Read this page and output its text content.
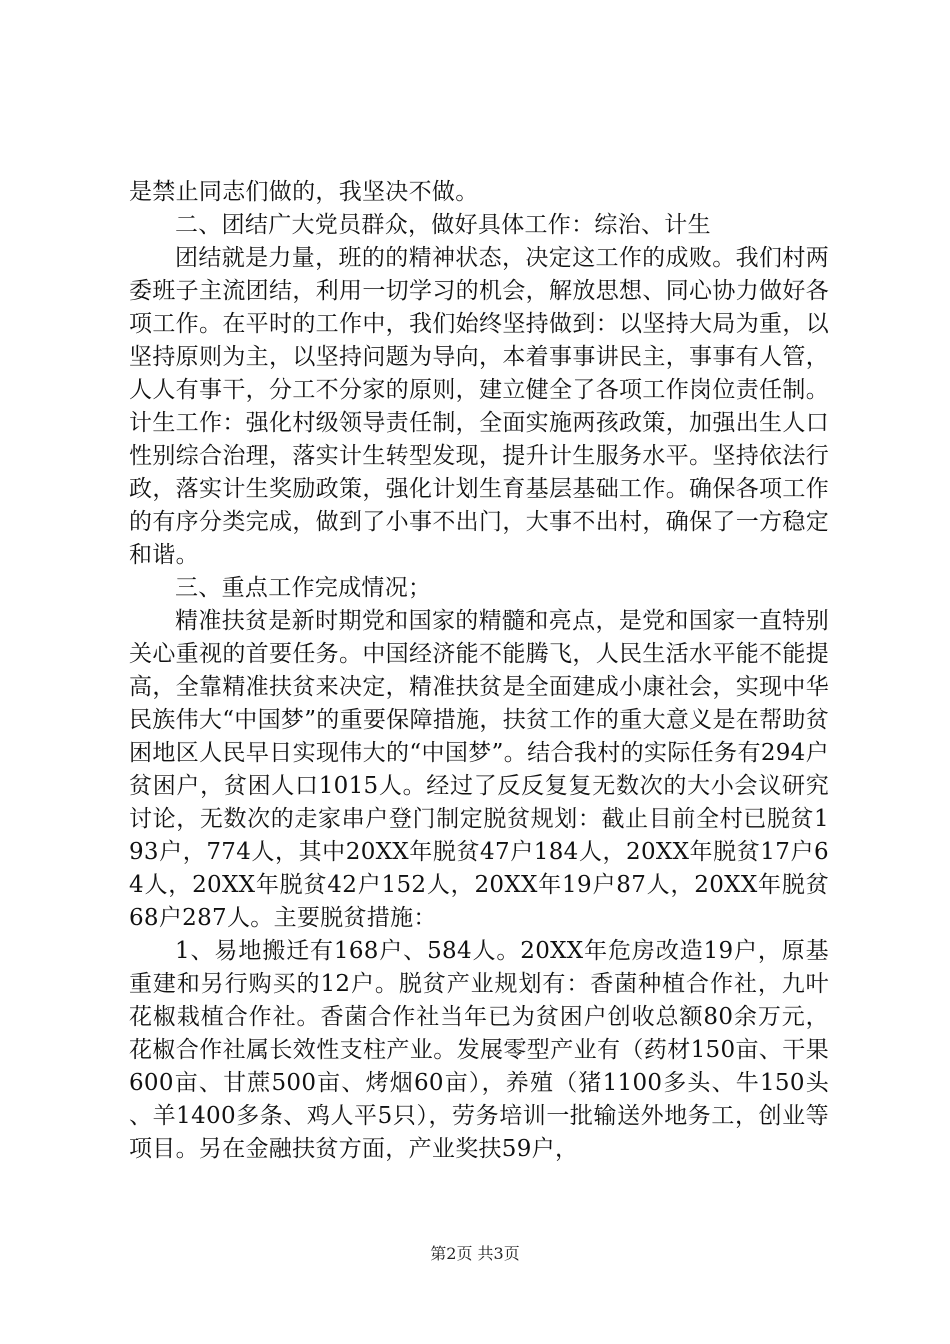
是禁止同志们做的，我坚决不做。

二、团结广大党员群众，做好具体工作：综治、计生

团结就是力量，班的的精神状态，决定这工作的成败。我们村两委班子主流团结，利用一切学习的机会，解放思想、同心协力做好各项工作。在平时的工作中，我们始终坚持做到：以坚持大局为重，以坚持原则为主，以坚持问题为导向，本着事事讲民主，事事有人管，人人有事干，分工不分家的原则，建立健全了各项工作岗位责任制。计生工作：强化村级领导责任制，全面实施两孩政策，加强出生人口性别综合治理，落实计生转型发现，提升计生服务水平。坚持依法行政，落实计生奖励政策，强化计划生育基层基础工作。确保各项工作的有序分类完成，做到了小事不出门，大事不出村，确保了一方稳定和谐。

三、重点工作完成情况；

精准扶贫是新时期党和国家的精髓和亮点，是党和国家一直特别关心重视的首要任务。中国经济能不能腾飞，人民生活水平能不能提高，全靠精准扶贫来决定，精准扶贫是全面建成小康社会，实现中华民族伟大“中国梦”的重要保障措施，扶贫工作的重大意义是在帮助贫困地区人民早日实现伟大的“中国梦”。结合我村的实际任务有294户贫困户，贫困人口1015人。经过了反反复复无数次的大小会议研究讨论，无数次的走家串户登门制定脱贫规划：截止目前全村已脱贫193户，774人，其中20XX年脱贫47户184人，20XX年脱贫17户64人，20XX年脱贫42户152人，20XX年19户87人，20XX年脱贫68户287人。主要脱贫措施：

1、易地搬迁有168户、584人。20XX年危房改造19户，原基重建和另行购买的12户。脱贫产业规划有：香菌种植合作社，九叶花椒栽植合作社。香菌合作社当年已为贫困户创收总额80余万元，花椒合作社属长效性支柱产业。发展零型产业有（药材150亩、干果600亩、甘蔗500亩、烤烟60亩），养殖（猪1100多头、牛150头、羊1400多条、鸡人平5只），劳务培训一批输送外地务工，创业等项目。另在金融扶贫方面，产业奖扶59户，

第2页 共3页
